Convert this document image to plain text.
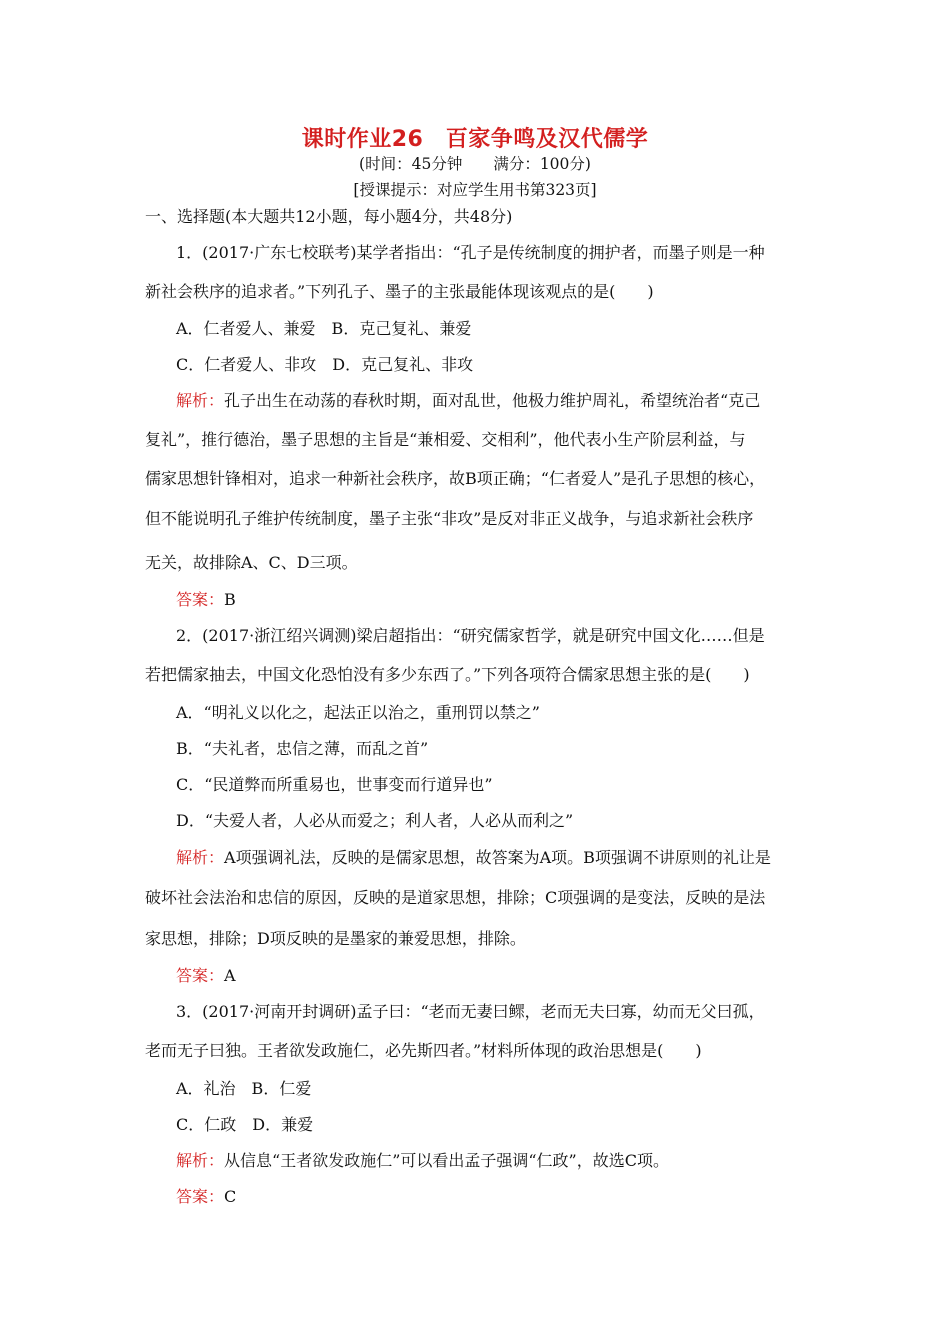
课时作业26　百家争鸣及汉代儒学
(时间：45分钟　　满分：100分)
[授课提示：对应学生用书第323页]
一、选择题(本大题共12小题，每小题4分，共48分)
1．(2017·广东七校联考)某学者指出：“孔子是传统制度的拥护者，而墨子则是一种
新社会秩序的追求者。”下列孔子、墨子的主张最能体现该观点的是(　　)
A．仁者爱人、兼爱　B．克己复礼、兼爱
C．仁者爱人、非攻　D．克己复礼、非攻
解析：孔子出生在动荡的春秋时期，面对乱世，他极力维护周礼，希望统治者“克己
复礼”，推行德治，墨子思想的主旨是“兼相爱、交相利”，他代表小生产阶层利益，与
儒家思想针锋相对，追求一种新社会秩序，故B项正确；“仁者爱人”是孔子思想的核心，
但不能说明孔子维护传统制度，墨子主张“非攻”是反对非正义战争，与追求新社会秩序
无关，故排除A、C、D三项。
答案：B
2．(2017·浙江绍兴调测)梁启超指出：“研究儒家哲学，就是研究中国文化……但是
若把儒家抽去，中国文化恐怕没有多少东西了。”下列各项符合儒家思想主张的是(　　)
A．“明礼义以化之，起法正以治之，重刑罚以禁之”
B．“夫礼者，忠信之薄，而乱之首”
C．“民道弊而所重易也，世事变而行道异也”
D．“夫爱人者，人必从而爱之；利人者，人必从而利之”
解析：A项强调礼法，反映的是儒家思想，故答案为A项。B项强调不讲原则的礼让是
破坏社会法治和忠信的原因，反映的是道家思想，排除；C项强调的是变法，反映的是法
家思想，排除；D项反映的是墨家的兼爱思想，排除。
答案：A
3．(2017·河南开封调研)孟子曰：“老而无妻曰鳏，老而无夫曰寡，幼而无父曰孤，
老而无子曰独。王者欲发政施仁，必先斯四者。”材料所体现的政治思想是(　　)
A．礼治　B．仁爱
C．仁政　D．兼爱
解析：从信息“王者欲发政施仁”可以看出孟子强调“仁政”，故选C项。
答案：C
